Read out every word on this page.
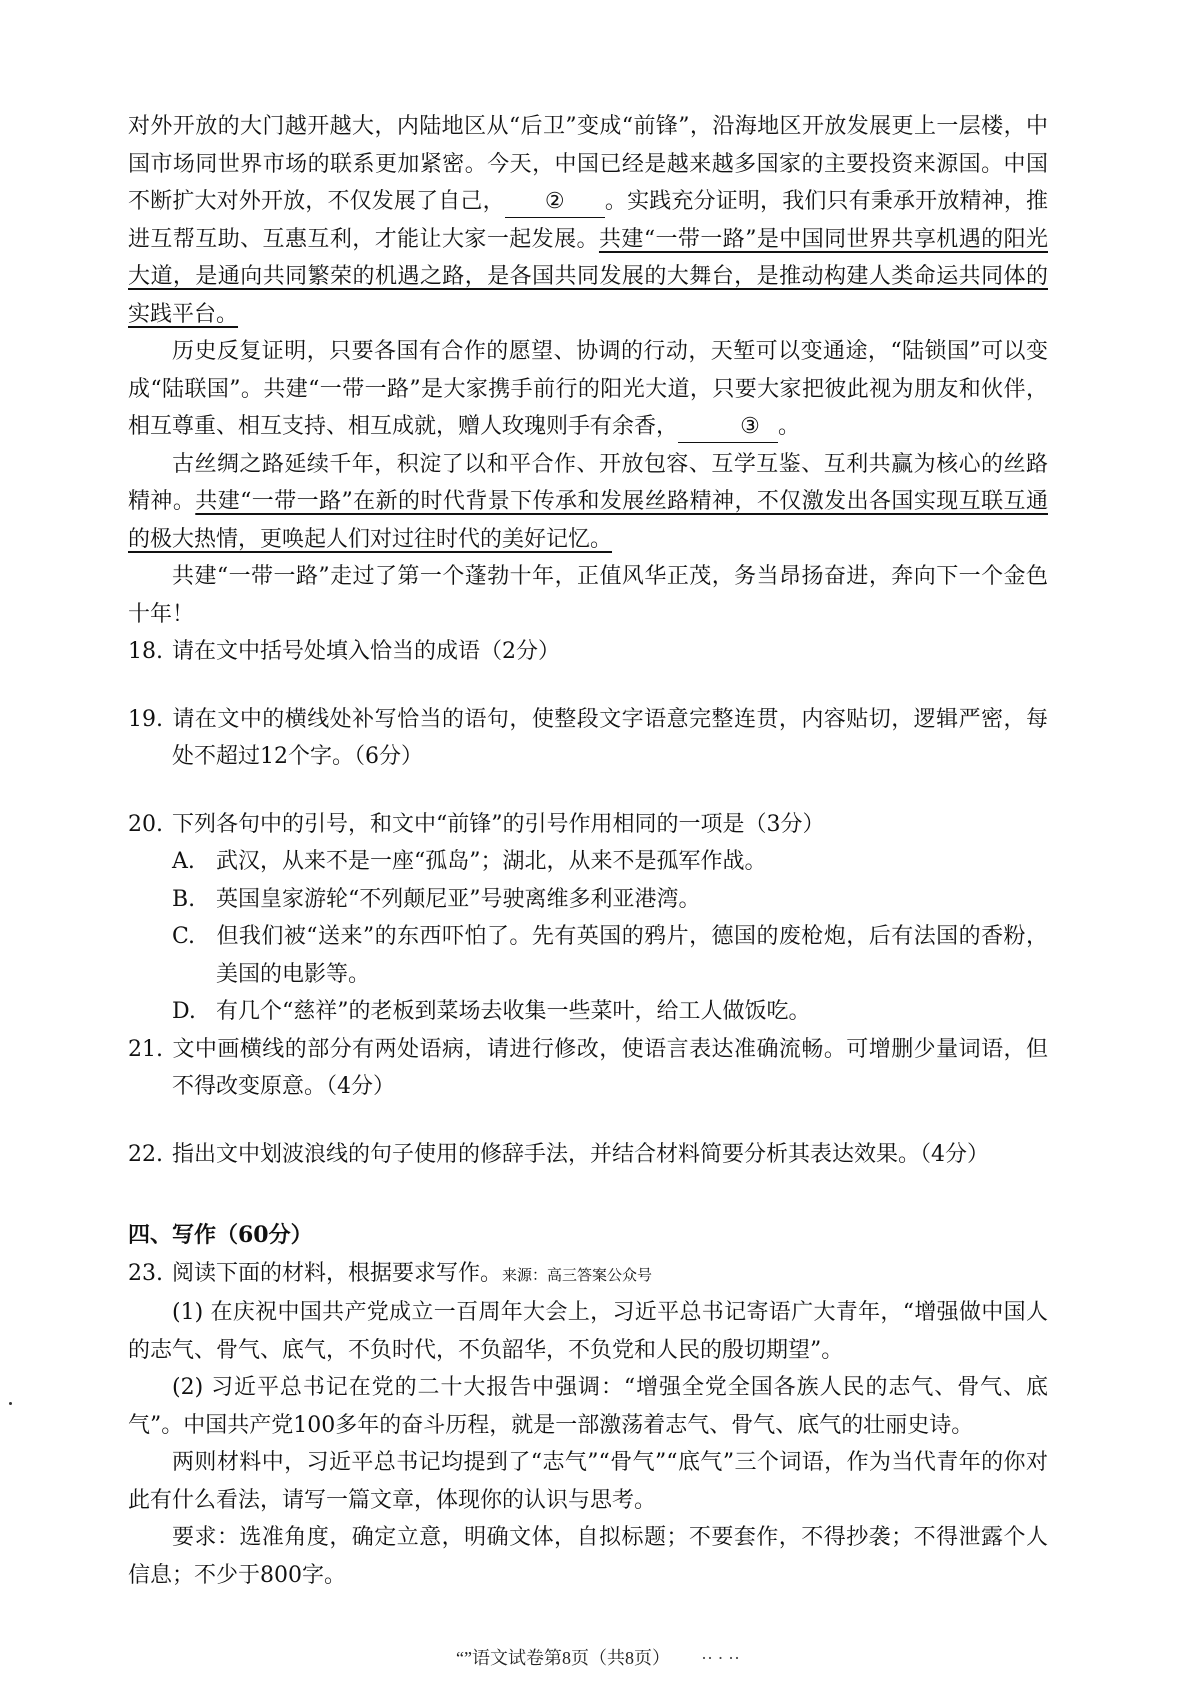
对外开放的大门越开越大，内陆地区从“后卫”变成“前锋”，沿海地区开放发展更上一层楼，中国市场同世界市场的联系更加紧密。今天，中国已经是越来越多国家的主要投资来源国。中国不断扩大对外开放，不仅发展了自己， ② 。实践充分证明，我们只有秉承开放精神，推进互帮互助、互惠互利，才能让大家一起发展。共建“一带一路”是中国同世界共享机遇的阳光大道，是通向共同繁荣的机遇之路，是各国共同发展的大舞台，是推动构建人类命运共同体的实践平台。

历史反复证明，只要各国有合作的愿望、协调的行动，天堑可以变通途，“陆锁国”可以变成“陆联国”。共建“一带一路”是大家携手前行的阳光大道，只要大家把彼此视为朋友和伙伴，相互尊重、相互支持、相互成就，赠人玫瑰则手有余香，	③ 。

古丝绸之路延续千年，积淀了以和平合作、开放包容、互学互鉴、互利共赢为核心的丝路精神。共建“一带一路”在新的时代背景下传承和发展丝路精神，不仅激发出各国实现互联互通的极大热情，更唤起人们对过往时代的美好记忆。

共建“一带一路”走过了第一个蓬勃十年，正值风华正茂，务当昂扬奋进，奔向下一个金色十年！

18. 请在文中括号处填入恰当的成语（2分）

19. 请在文中的横线处补写恰当的语句，使整段文字语意完整连贯，内容贴切，逻辑严密，每处不超过12个字。（6分）

20. 下列各句中的引号，和文中“前锋”的引号作用相同的一项是（3分）

A. 武汉，从来不是一座“孤岛”；湖北，从来不是孤军作战。

B. 英国皇家游轮“不列颠尼亚”号驶离维多利亚港湾。

C. 但我们被“送来”的东西吓怕了。先有英国的鸦片，德国的废枪炮，后有法国的香粉，美国的电影等。

D. 有几个“慈祥”的老板到菜场去收集一些菜叶，给工人做饭吃。

21. 文中画横线的部分有两处语病，请进行修改，使语言表达准确流畅。可增删少量词语，但不得改变原意。（4分）

22. 指出文中划波浪线的句子使用的修辞手法，并结合材料简要分析其表达效果。（4分）

四、写作（60分）

23. 阅读下面的材料，根据要求写作。来源：高三答案公众号

(1) 在庆祝中国共产党成立一百周年大会上，习近平总书记寄语广大青年，“增强做中国人的志气、骨气、底气，不负时代，不负韶华，不负党和人民的殷切期望”。

(2) 习近平总书记在党的二十大报告中强调：“增强全党全国各族人民的志气、骨气、底气”。中国共产党100多年的奋斗历程，就是一部激荡着志气、骨气、底气的壮丽史诗。

两则材料中，习近平总书记均提到了“志气”“骨气”“底气”三个词语，作为当代青年的你对此有什么看法，请写一篇文章，体现你的认识与思考。

要求：选准角度，确定立意，明确文体，自拟标题；不要套作，不得抄袭；不得泄露个人信息；不少于800字。

“”语文试卷第8页（共8页） ·· · ··
